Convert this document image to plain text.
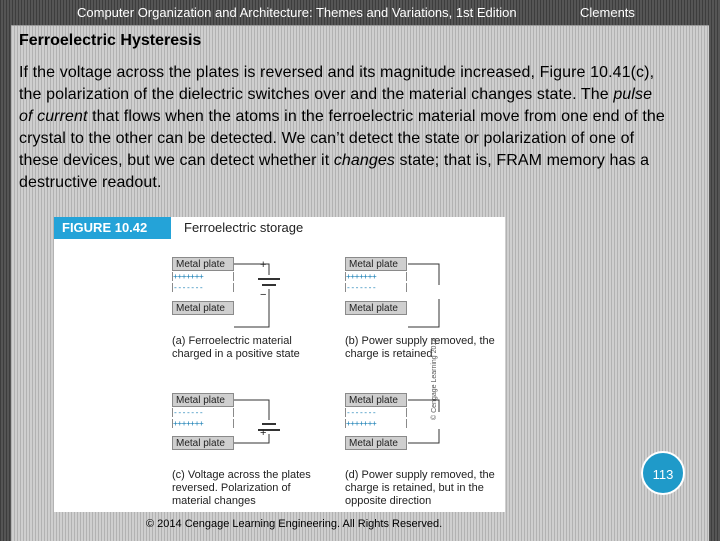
Computer Organization and Architecture: Themes and Variations, 1st Edition	Clements
Ferroelectric Hysteresis
If the voltage across the plates is reversed and its magnitude increased, Figure 10.41(c), the polarization of the dielectric switches over and the material changes state. The pulse of current that flows when the atoms in the ferroelectric material move from one end of the crystal to the other can be detected. We can’t detect the state or polarization of one of these devices, but we can detect whether it changes state; that is, FRAM memory has a destructive readout.
FIGURE 10.42	Ferroelectric storage
Metal plate
+++++++
-------
Metal plate
+
−
(a) Ferroelectric material charged in a positive state
Metal plate
+++++++
-------
Metal plate
(b) Power supply removed, the charge is retained
Metal plate
-------
+++++++
Metal plate
+
(c) Voltage across the plates reversed. Polarization of material changes
Metal plate
-------
+++++++
Metal plate
(d) Power supply removed, the charge is retained, but in the opposite direction
© Cengage Learning 2014
© 2014 Cengage Learning Engineering. All Rights Reserved.
113
